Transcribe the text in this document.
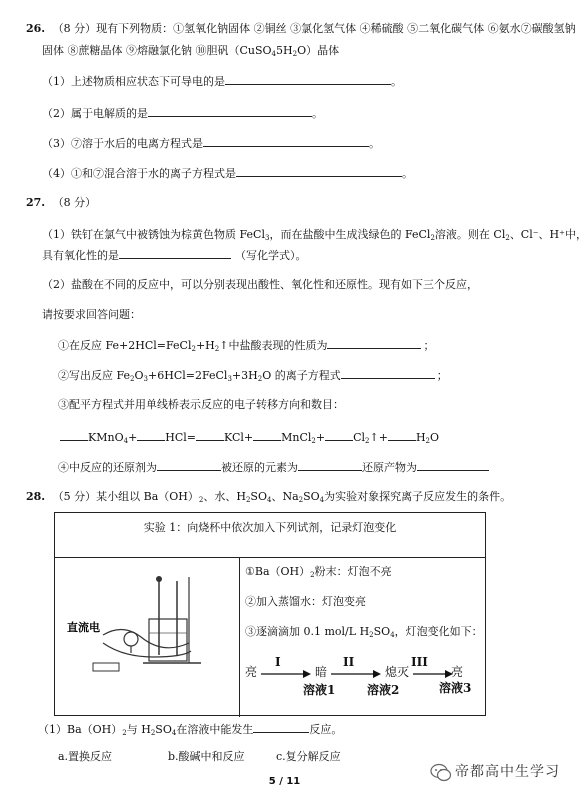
26. （8 分）现有下列物质：①氢氧化钠固体 ②铜丝 ③氯化氢气体 ④稀硫酸 ⑤二氧化碳气体 ⑥氨水⑦碳酸氢钠
固体 ⑧蔗糖晶体 ⑨熔融氯化钠 ⑩胆矾$(CuSO_45H_2O)$晶体
（1）上述物质相应状态下可导电的是	。
（2）属于电解质的是	。
（3）⑦溶于水后的电离方程式是	。
（4）①和⑦混合溶于水的离子方程式是	。
27. （8 分）
（1）铁钉在氯气中被锈蚀为棕黄色物质 FeCl$_3$，而在盐酸中生成浅绿色的 FeCl$_2$溶液。则在 $Cl_2$、Cl⁻、H⁺中，
具有氧化性的是	（写化学式）。
（2）盐酸在不同的反应中，可以分别表现出酸性、氧化性和还原性。现有如下三个反应，
请按要求回答问题：
①在反应 $Fe+2HCl=FeCl_2+H_2↑$中盐酸表现的性质为	；
②写出反应 $Fe_2O_3+6HCl=2FeCl_3+3H_2O$ 的离子方程式	；
③配平方程式并用单线桥表示反应的电子转移方向和数目：
KMnO$_4$+	HCl=	KCl+	MnCl$_2$+	$Cl_2↑+$	$H_2O$
④中反应的还原剂为	被还原的元素为	还原产物为
28. （5 分）某小组以 $Ba(OH)_2$、水、$H_2SO_4$、$Na_2SO_4$为实验对象探究离子反应发生的条件。
实验 1：向烧杯中依次加入下列试剂，记录灯泡变化
直流电
$①Ba(OH)_2$粉末：灯泡不亮
②加入蒸馏水：灯泡变亮
③逐滴滴加 0.1 mol/L $H_2SO_4$，灯泡变化如下：
亮
I
暗
溶液1
II
熄灭
溶液2
III
亮
溶液3
$(1)Ba(OH)_2$与 $H_2SO_4$在溶液中能发生	反应。
a.置换反应	b.酸碱中和反应	c.复分解反应
5 / 11
帝都高中生学习
